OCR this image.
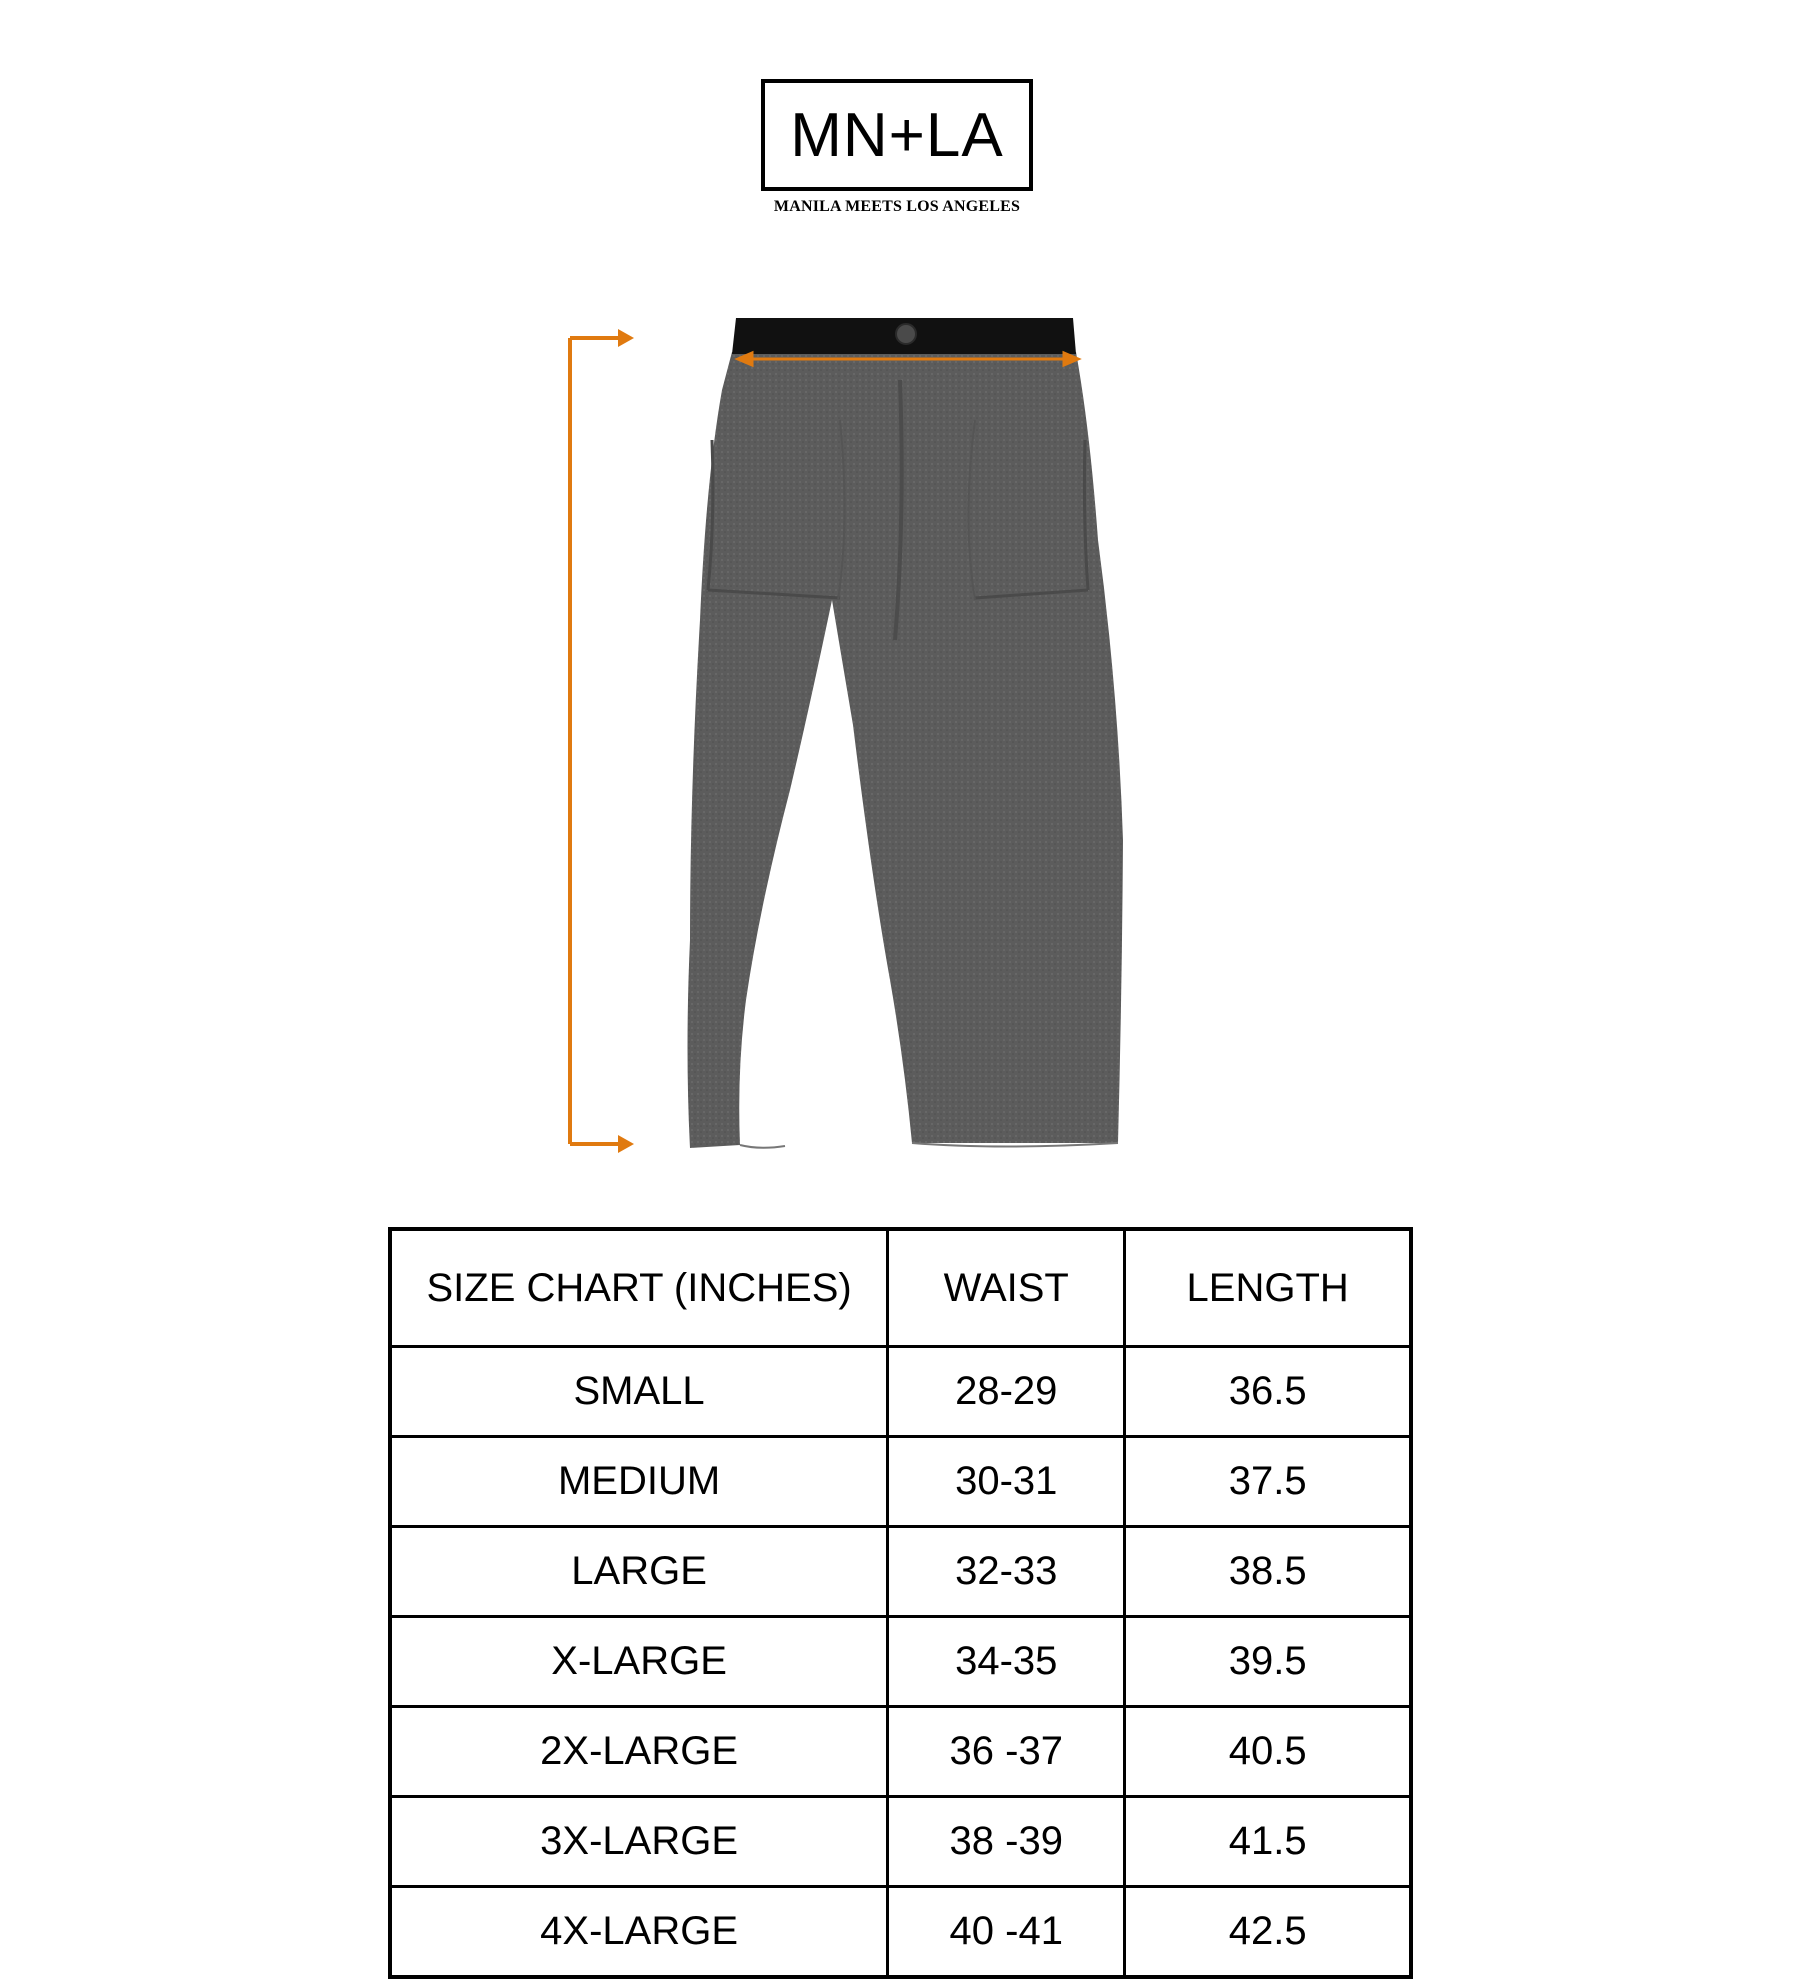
MN+LA
MANILA MEETS LOS ANGELES
SIZE CHART (INCHES)	WAIST	LENGTH
SMALL	28-29	36.5
MEDIUM	30-31	37.5
LARGE	32-33	38.5
X-LARGE	34-35	39.5
2X-LARGE	36 -37	40.5
3X-LARGE	38 -39	41.5
4X-LARGE	40 -41	42.5
